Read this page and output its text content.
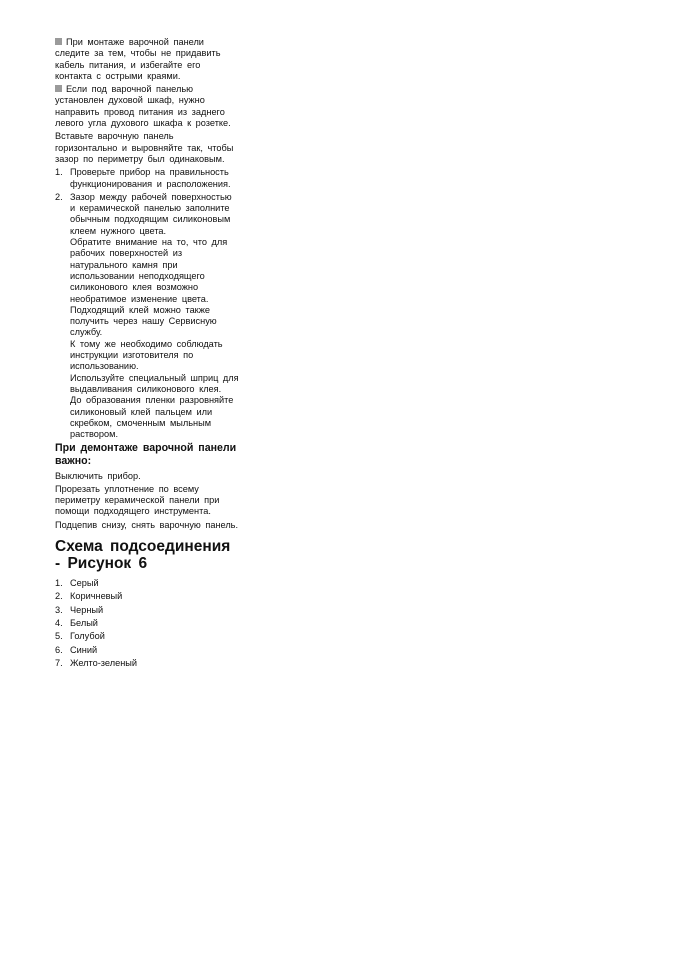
При монтаже варочной панели следите за тем, чтобы не придавить кабель питания, и избегайте его контакта с острыми краями.

Если под варочной панелью установлен духовой шкаф, нужно направить провод питания из заднего левого угла духового шкафа к розетке.

Вставьте варочную панель горизонтально и выровняйте так, чтобы зазор по периметру был одинаковым.

1. Проверьте прибор на правильность функционирования и расположения.
2. Зазор между рабочей поверхностью и керамической панелью заполните обычным подходящим силиконовым клеем нужного цвета.
Обратите внимание на то, что для рабочих поверхностей из натурального камня при использовании неподходящего силиконового клея возможно необратимое изменение цвета.
Подходящий клей можно также получить через нашу Сервисную службу.
К тому же необходимо соблюдать инструкции изготовителя по использованию.
Используйте специальный шприц для выдавливания силиконового клея.
До образования пленки разровняйте силиконовый клей пальцем или скребком, смоченным мыльным раствором.
При демонтаже варочной панели важно:

Выключить прибор.

Прорезать уплотнение по всему периметру керамической панели при помощи подходящего инструмента.

Подцепив снизу, снять варочную панель.

Схема подсоединения - Рисунок 6
1. Серый
2. Коричневый
3. Черный
4. Белый
5. Голубой
6. Синий
7. Желто-зеленый
